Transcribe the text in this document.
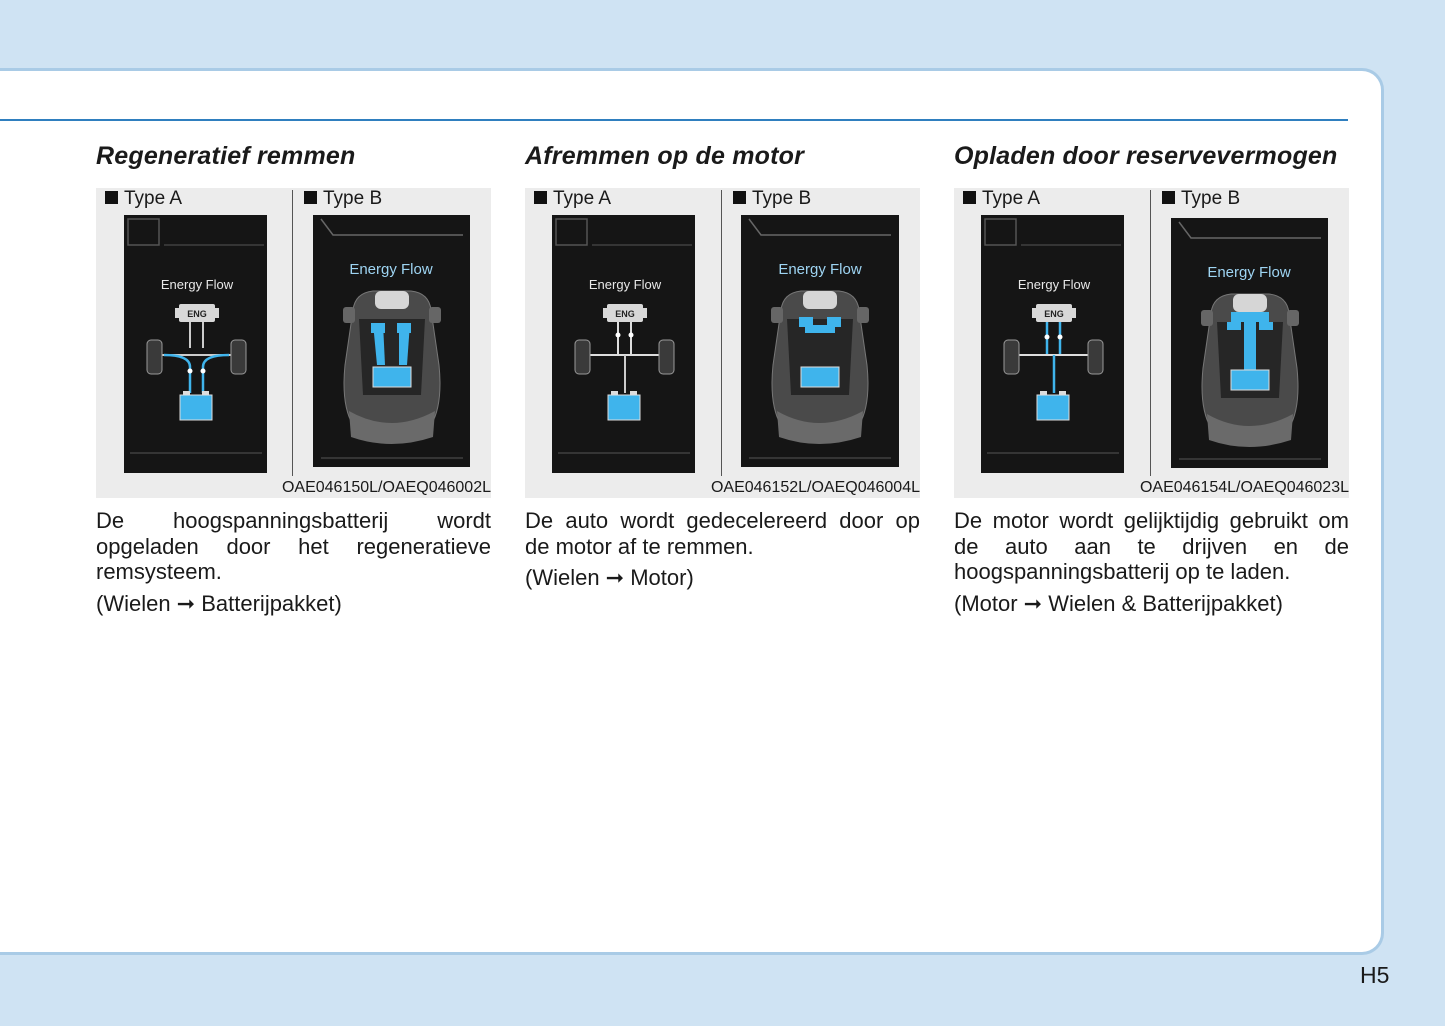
Regeneratief remmen
Type A	Type B
Energy Flow
ENG
Energy Flow
OAE046150L/OAEQ046002L

De hoogspanningsbatterij wordt opgeladen door het regeneratieve remsysteem.

(Wielen ➞ Batterijpakket)

Afremmen op de motor
Type A	Type B
Energy Flow
ENG
Energy Flow
OAE046152L/OAEQ046004L

De auto wordt gedecelereerd door op de motor af te remmen.

(Wielen ➞ Motor)

Opladen door reservevermogen
Type A	Type B
Energy Flow
ENG
Energy Flow
OAE046154L/OAEQ046023L

De motor wordt gelijktijdig gebruikt om de auto aan te drijven en de hoogspanningsbatterij op te laden.

(Motor ➞ Wielen & Batterijpakket)

H5
